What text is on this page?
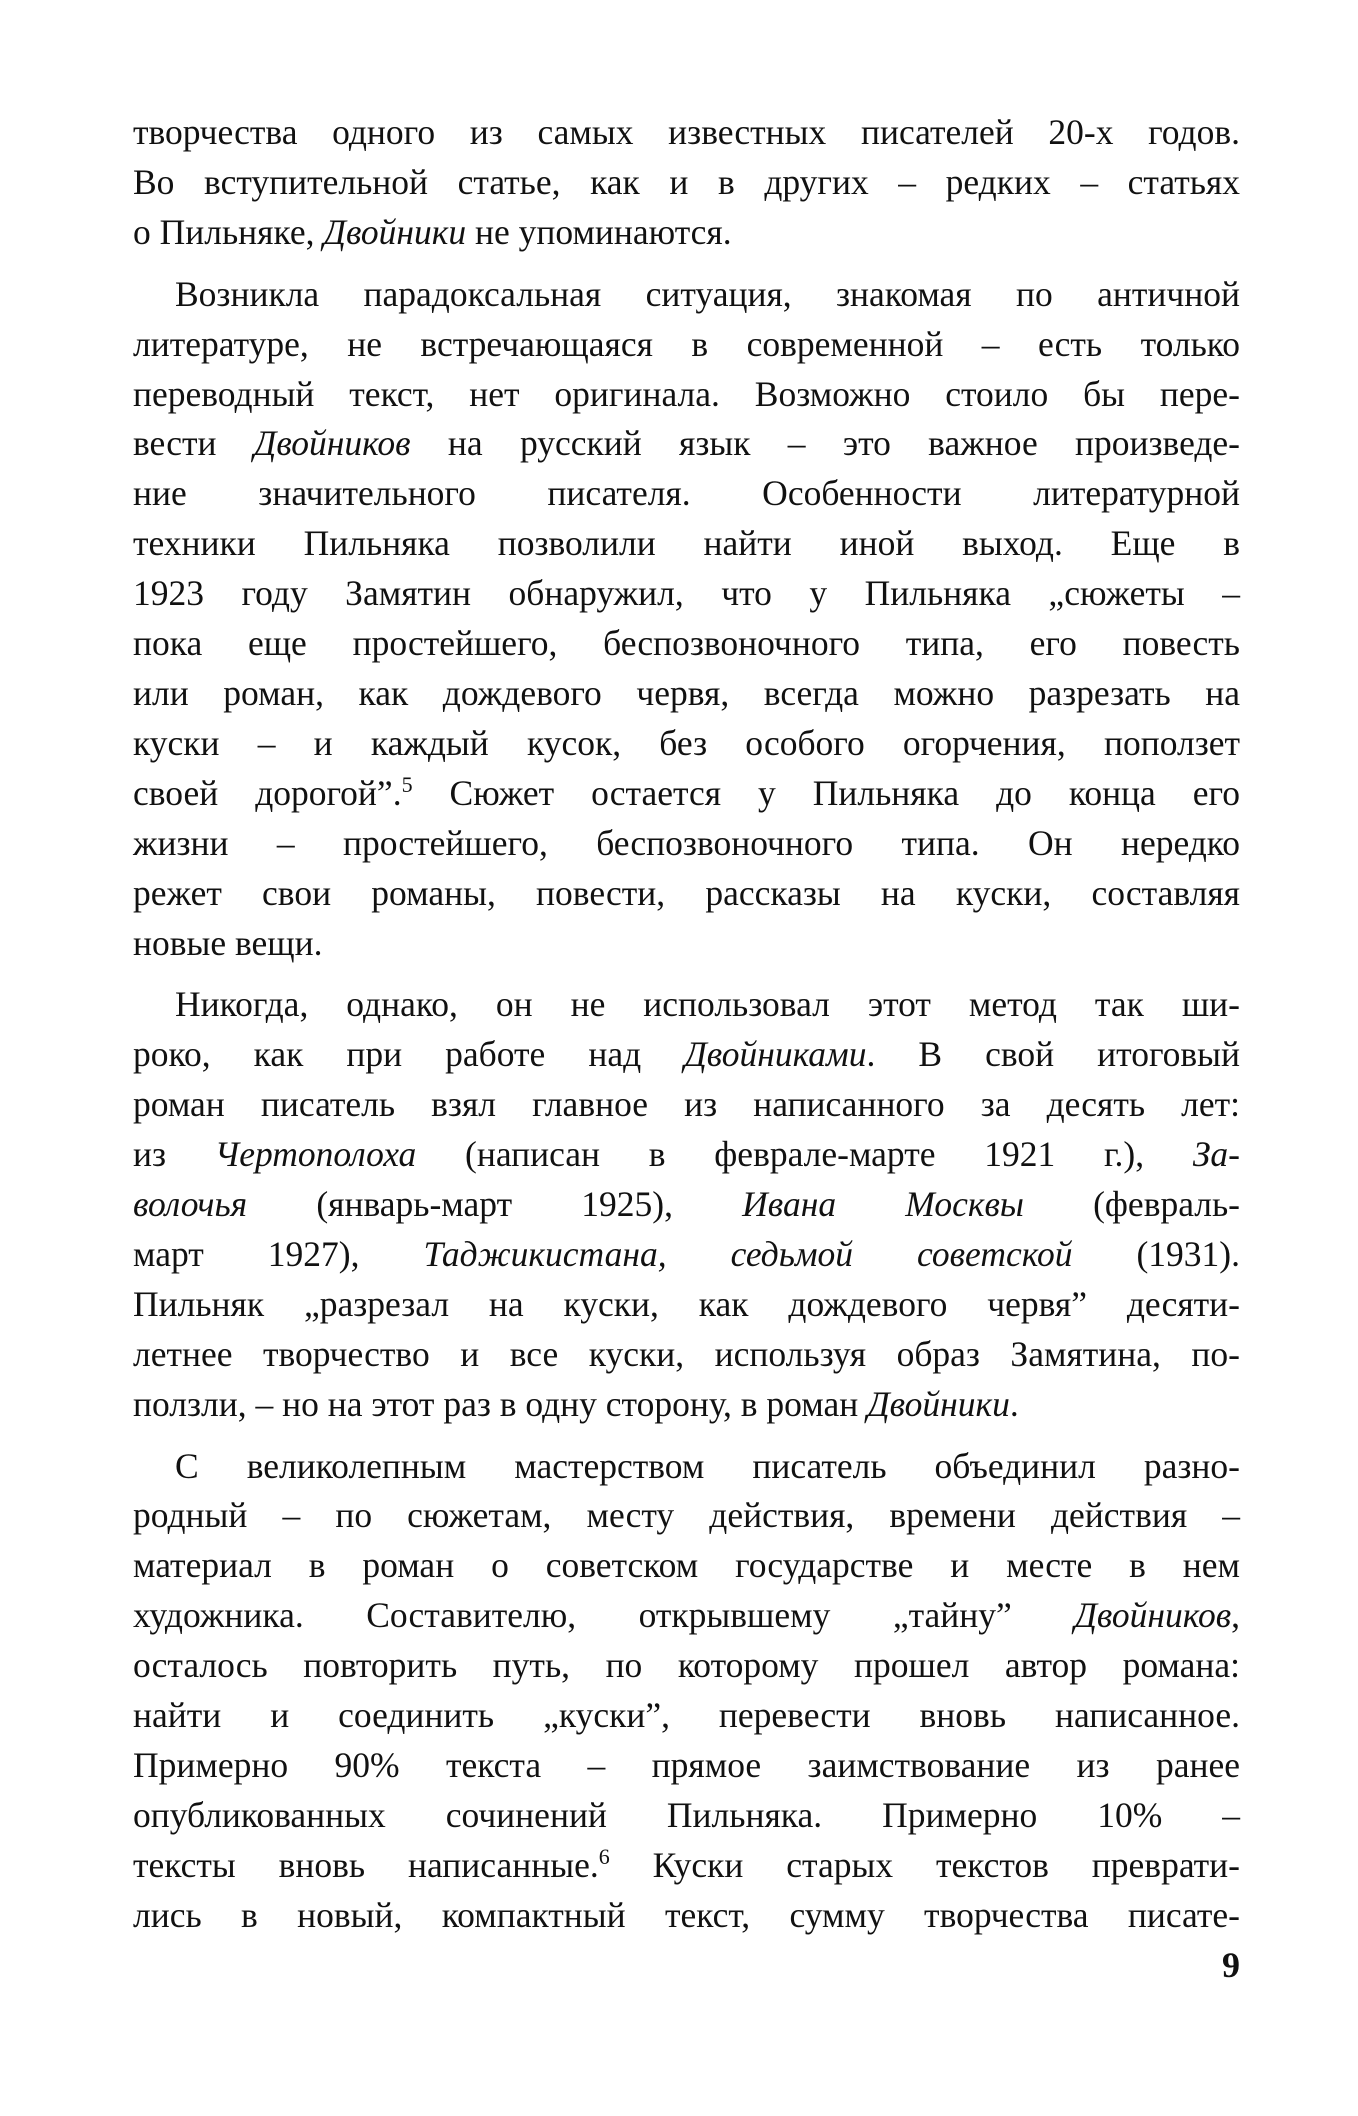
творчества одного из самых известных писателей 20-х годов.
Во вступительной статье, как и в других – редких – статьях
о Пильняке, Двойники не упоминаются.

Возникла парадоксальная ситуация, знакомая по античной
литературе, не встречающаяся в современной – есть только
переводный текст, нет оригинала. Возможно стоило бы пере-
вести Двойников на русский язык – это важное произведе-
ние значительного писателя. Особенности литературной
техники Пильняка позволили найти иной выход. Еще в
1923 году Замятин обнаружил, что у Пильняка „сюжеты –
пока еще простейшего, беспозвоночного типа, его повесть
или роман, как дождевого червя, всегда можно разрезать на
куски – и каждый кусок, без особого огорчения, поползет
своей дорогой”.$^5$ Сюжет остается у Пильняка до конца его
жизни – простейшего, беспозвоночного типа. Он нередко
режет свои романы, повести, рассказы на куски, составляя
новые вещи.

Никогда, однако, он не использовал этот метод так ши-
роко, как при работе над Двойниками. В свой итоговый
роман писатель взял главное из написанного за десять лет:
из Чертополоха (написан в феврале-марте 1921 г.), За-
волочья (январь-март 1925), Ивана Москвы (февраль-
март 1927), Таджикистана, седьмой советской (1931).
Пильняк „разрезал на куски, как дождевого червя” десяти-
летнее творчество и все куски, используя образ Замятина, по-
ползли, – но на этот раз в одну сторону, в роман Двойники.

С великолепным мастерством писатель объединил разно-
родный – по сюжетам, месту действия, времени действия –
материал в роман о советском государстве и месте в нем
художника. Составителю, открывшему „тайну” Двойников,
осталось повторить путь, по которому прошел автор романа:
найти и соединить „куски”, перевести вновь написанное.
Примерно 90% текста – прямое заимствование из ранее
опубликованных сочинений Пильняка. Примерно 10% –
тексты вновь написанные.$^6$ Куски старых текстов преврати-
лись в новый, компактный текст, сумму творчества писате-

9
